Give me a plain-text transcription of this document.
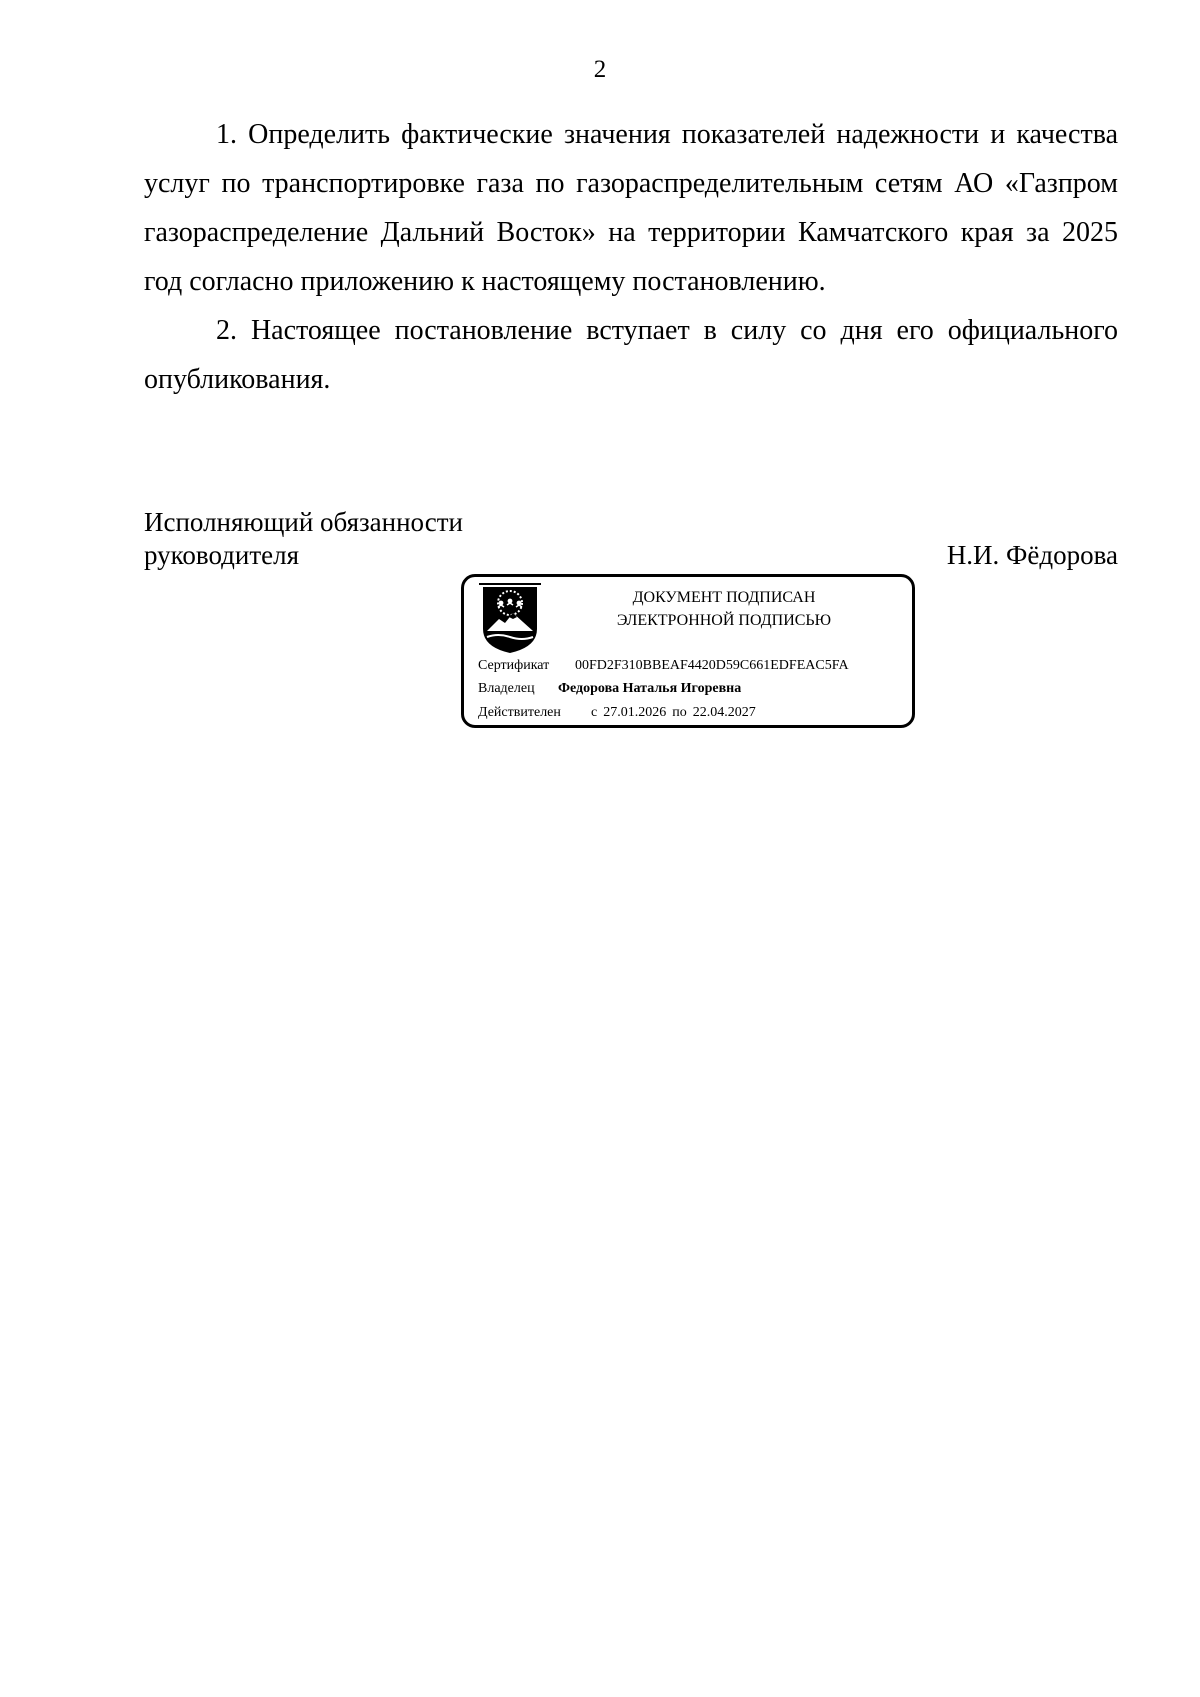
2

1. Определить фактические значения показателей надежности и качества услуг по транспортировке газа по газораспределительным сетям АО «Газпром газораспределение Дальний Восток» на территории Камчатского края за 2025 год согласно приложению к настоящему постановлению.

2. Настоящее постановление вступает в силу со дня его официального опубликования.

Исполняющий обязанности
руководителя	Н.И. Фёдорова
ДОКУМЕНТ ПОДПИСАН
ЭЛЕКТРОННОЙ ПОДПИСЬЮ
Сертификат 00FD2F310BBEAF4420D59C661EDFEAC5FA
Владелец Федорова Наталья Игоревна
Действителен с 27.01.2026 по 22.04.2027
